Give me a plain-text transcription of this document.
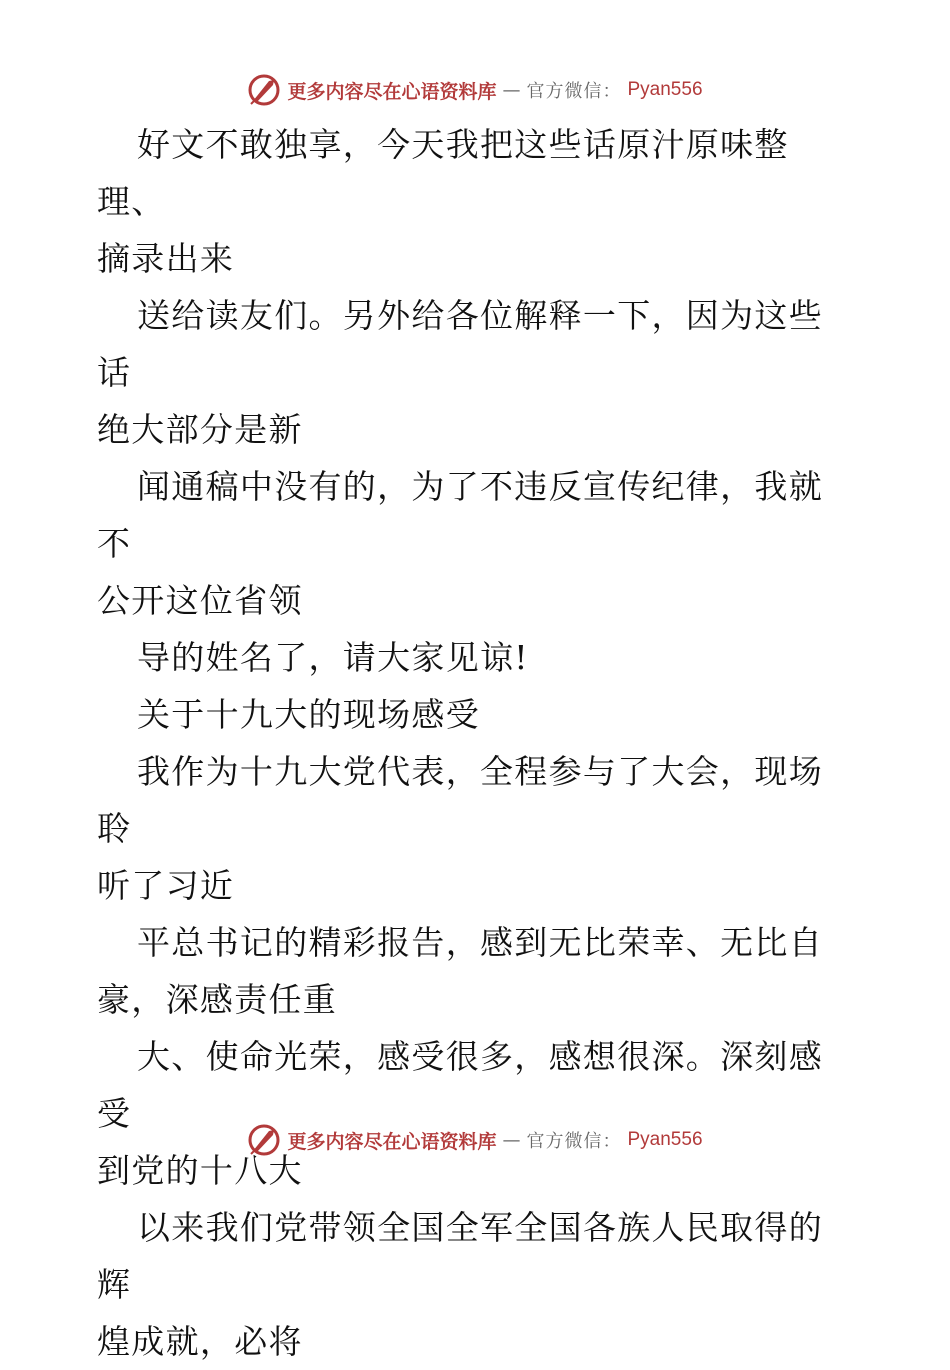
更多内容尽在心语资料库 — 官方微信： Pyan556

好文不敢独享，今天我把这些话原汁原味整理、

摘录出来

送给读友们。另外给各位解释一下，因为这些话

绝大部分是新

闻通稿中没有的，为了不违反宣传纪律，我就不

公开这位省领

导的姓名了，请大家见谅!

关于十九大的现场感受

我作为十九大党代表，全程参与了大会，现场聆

听了习近

平总书记的精彩报告，感到无比荣幸、无比自

豪，深感责任重

大、使命光荣，感受很多，感想很深。深刻感受

到党的十八大

以来我们党带领全国全军全国各族人民取得的辉

煌成就，必将

更多内容尽在心语资料库 — 官方微信： Pyan556
